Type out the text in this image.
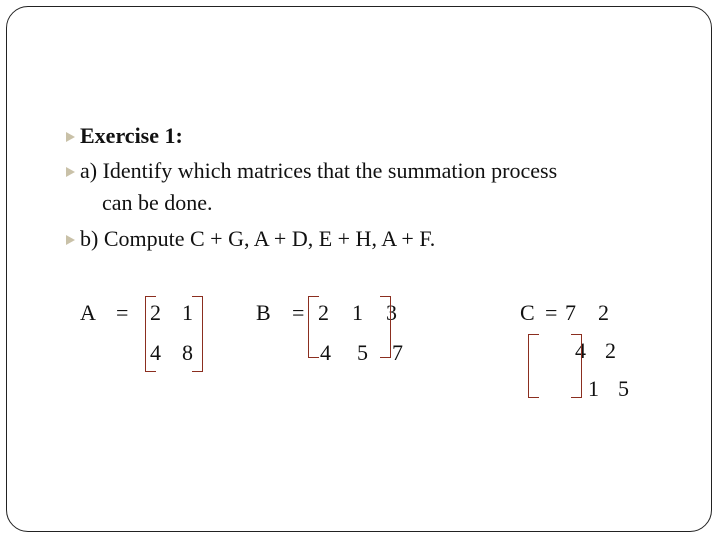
Exercise 1:
a) Identify which matrices that the summation process
can be done.
b) Compute C + G, A + D, E + H, A + F.
A = 2 1
4 8
B = 2 1 3
4 5 7
C = 7 2
4 2
1 5
